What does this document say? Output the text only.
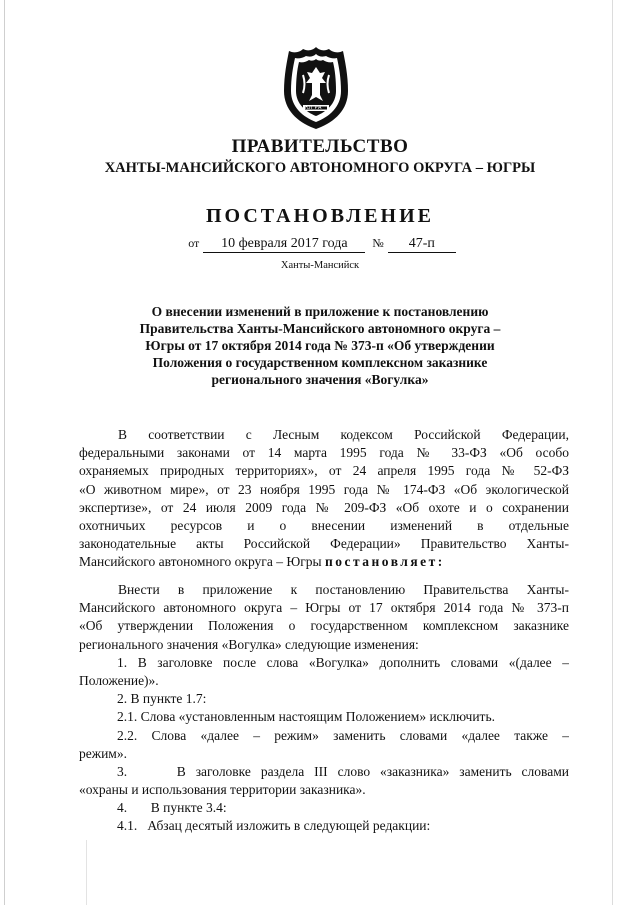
ЮГРА
ПРАВИТЕЛЬСТВО
ХАНТЫ-МАНСИЙСКОГО АВТОНОМНОГО ОКРУГА – ЮГРЫ
ПОСТАНОВЛЕНИЕ
от 10 февраля 2017 года № 47-п
Ханты-Мансийск
О внесении изменений в приложение к постановлению
Правительства Ханты-Мансийского автономного округа –
Югры от 17 октября 2014 года № 373-п «Об утверждении
Положения о государственном комплексном заказнике
регионального значения «Вогулка»
В соответствии с Лесным кодексом Российской Федерации,
федеральными законами от 14 марта 1995 года № 33-ФЗ «Об особо
охраняемых природных территориях», от 24 апреля 1995 года № 52-ФЗ
«О животном мире», от 23 ноября 1995 года № 174-ФЗ «Об экологической
экспертизе», от 24 июля 2009 года № 209-ФЗ «Об охоте и о сохранении
охотничьих ресурсов и о внесении изменений в отдельные
законодательные акты Российской Федерации» Правительство Ханты-
Мансийского автономного округа – Югры постановляет:
Внести в приложение к постановлению Правительства Ханты-
Мансийского автономного округа – Югры от 17 октября 2014 года № 373-п
«Об утверждении Положения о государственном комплексном заказнике
регионального значения «Вогулка» следующие изменения:
1. В заголовке после слова «Вогулка» дополнить словами «(далее –
Положение)».
2. В пункте 1.7:
2.1. Слова «установленным настоящим Положением» исключить.
2.2. Слова «далее – режим» заменить словами «далее также –
режим».
3.     В заголовке раздела III слово «заказника» заменить словами
«охраны и использования территории заказника».
4.       В пункте 3.4:
4.1.   Абзац десятый изложить в следующей редакции:
